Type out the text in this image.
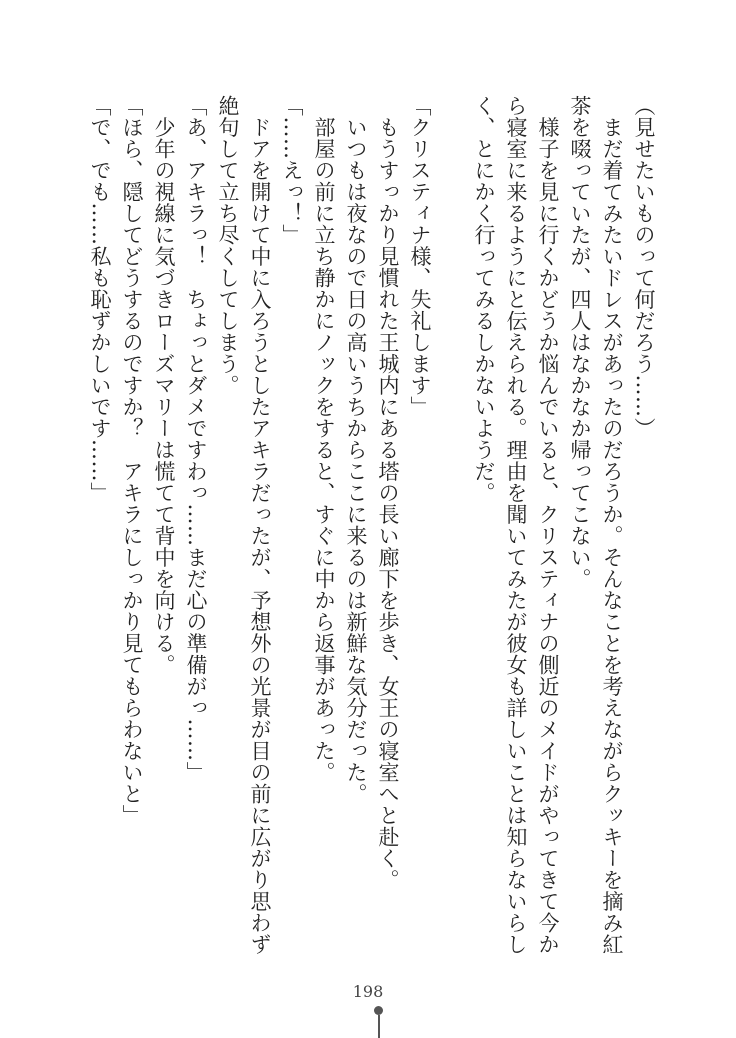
（見せたいものって何だろう……）
　まだ着てみたいドレスがあったのだろうか。そんなことを考えながらクッキーを摘み紅
茶を啜っていたが、四人はなかなか帰ってこない。
　様子を見に行くかどうか悩んでいると、クリスティナの側近のメイドがやってきて今か
ら寝室に来るようにと伝えられる。理由を聞いてみたが彼女も詳しいことは知らないらし
く、とにかく行ってみるしかないようだ。
「クリスティナ様、失礼します」
　もうすっかり見慣れた王城内にある塔の長い廊下を歩き、女王の寝室へと赴く。
　いつもは夜なので日の高いうちからここに来るのは新鮮な気分だった。
　部屋の前に立ち静かにノックをすると、すぐに中から返事があった。
「……えっ！」
　ドアを開けて中に入ろうとしたアキラだったが、予想外の光景が目の前に広がり思わず
絶句して立ち尽くしてしまう。
「あ、アキラっ！　ちょっとダメですわっ……まだ心の準備がっ……」
　少年の視線に気づきローズマリーは慌てて背中を向ける。
「ほら、隠してどうするのですか？　アキラにしっかり見てもらわないと」
「で、でも……私も恥ずかしいです……」
198
